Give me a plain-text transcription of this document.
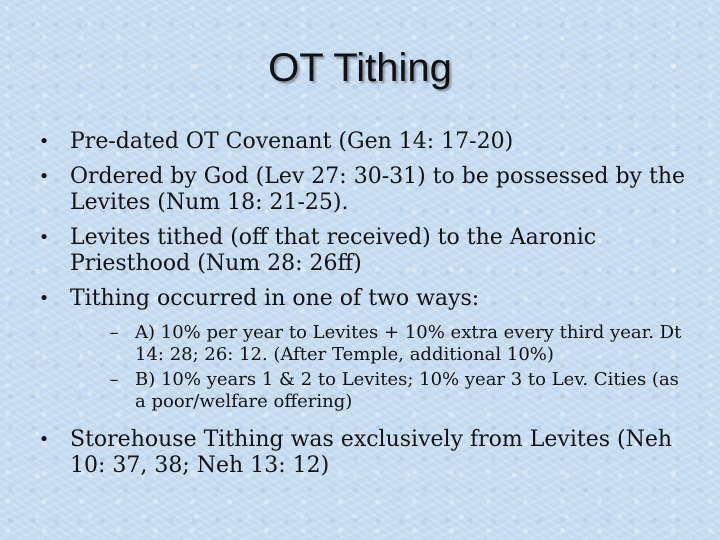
OT Tithing
• Pre-dated OT Covenant (Gen 14: 17-20)
• Ordered by God (Lev 27: 30-31) to be possessed by the Levites (Num 18: 21-25).
• Levites tithed (off that received) to the Aaronic Priesthood (Num 28: 26ff)
• Tithing occurred in one of two ways:
– A) 10% per year to Levites + 10% extra every third year. Dt 14: 28; 26: 12. (After Temple, additional 10%)
– B) 10% years 1 & 2 to Levites; 10% year 3 to Lev. Cities (as a poor/welfare offering)
• Storehouse Tithing was exclusively from Levites (Neh 10: 37, 38; Neh 13: 12)
